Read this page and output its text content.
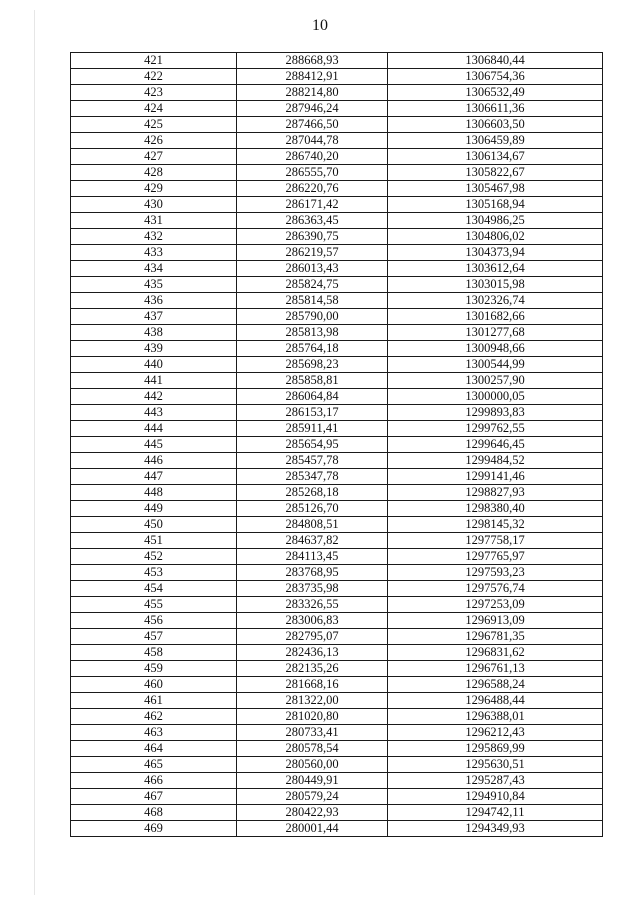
10
421	288668,93	1306840,44
422	288412,91	1306754,36
423	288214,80	1306532,49
424	287946,24	1306611,36
425	287466,50	1306603,50
426	287044,78	1306459,89
427	286740,20	1306134,67
428	286555,70	1305822,67
429	286220,76	1305467,98
430	286171,42	1305168,94
431	286363,45	1304986,25
432	286390,75	1304806,02
433	286219,57	1304373,94
434	286013,43	1303612,64
435	285824,75	1303015,98
436	285814,58	1302326,74
437	285790,00	1301682,66
438	285813,98	1301277,68
439	285764,18	1300948,66
440	285698,23	1300544,99
441	285858,81	1300257,90
442	286064,84	1300000,05
443	286153,17	1299893,83
444	285911,41	1299762,55
445	285654,95	1299646,45
446	285457,78	1299484,52
447	285347,78	1299141,46
448	285268,18	1298827,93
449	285126,70	1298380,40
450	284808,51	1298145,32
451	284637,82	1297758,17
452	284113,45	1297765,97
453	283768,95	1297593,23
454	283735,98	1297576,74
455	283326,55	1297253,09
456	283006,83	1296913,09
457	282795,07	1296781,35
458	282436,13	1296831,62
459	282135,26	1296761,13
460	281668,16	1296588,24
461	281322,00	1296488,44
462	281020,80	1296388,01
463	280733,41	1296212,43
464	280578,54	1295869,99
465	280560,00	1295630,51
466	280449,91	1295287,43
467	280579,24	1294910,84
468	280422,93	1294742,11
469	280001,44	1294349,93
